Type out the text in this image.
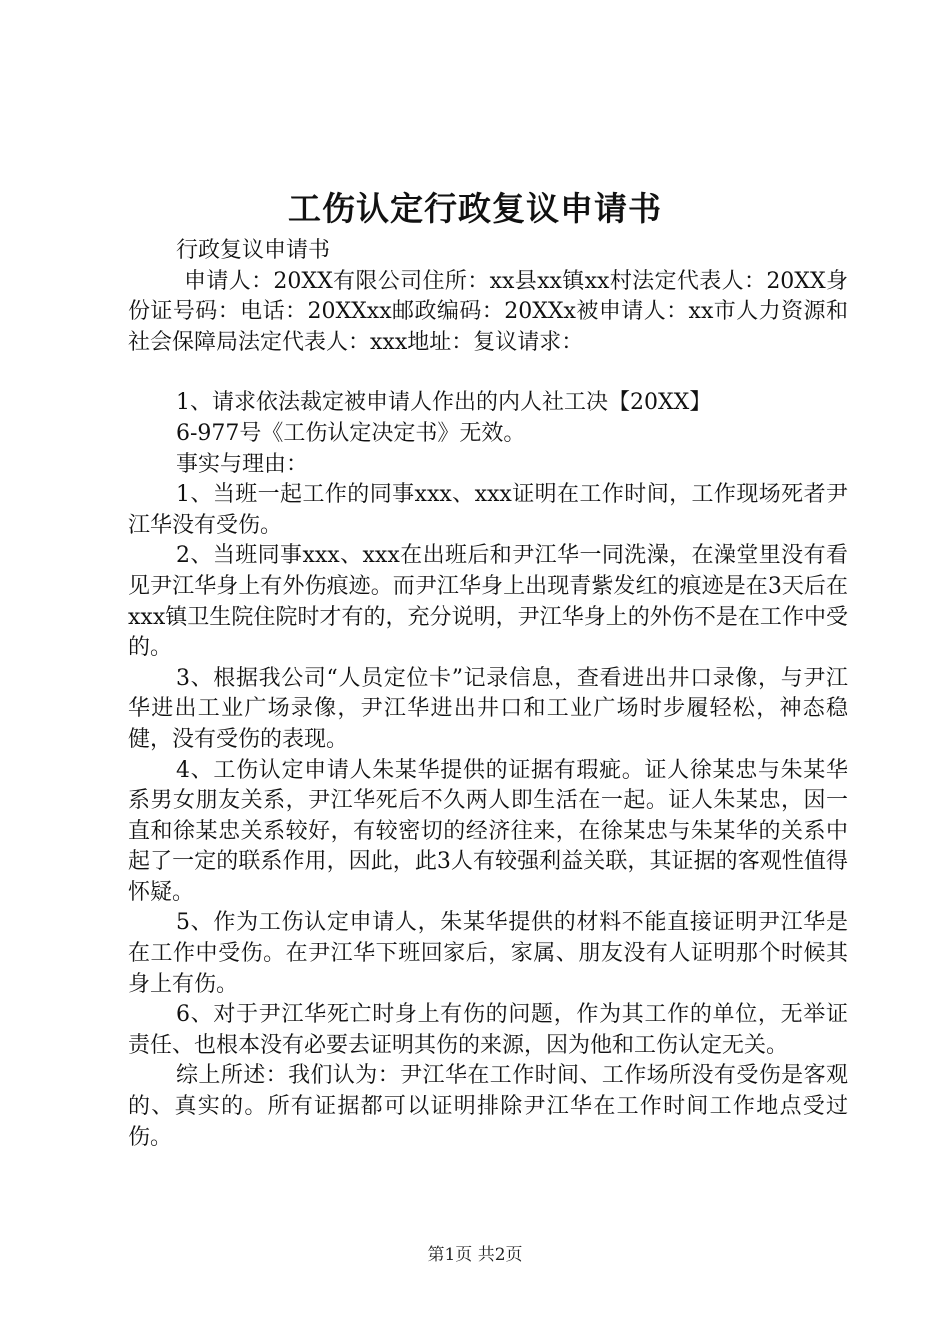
工伤认定行政复议申请书

行政复议申请书

申请人：20XX有限公司住所：xx县xx镇xx村法定代表人：20XX身份证号码：电话：20XXxx邮政编码：20XXx被申请人：xx市人力资源和社会保障局法定代表人：xxx地址：复议请求：

1、请求依法裁定被申请人作出的内人社工决【20XX】

6-977号《工伤认定决定书》无效。

事实与理由：

1、当班一起工作的同事xxx、xxx证明在工作时间，工作现场死者尹江华没有受伤。

2、当班同事xxx、xxx在出班后和尹江华一同洗澡，在澡堂里没有看见尹江华身上有外伤痕迹。而尹江华身上出现青紫发红的痕迹是在3天后在xxx镇卫生院住院时才有的，充分说明，尹江华身上的外伤不是在工作中受的。

3、根据我公司“人员定位卡”记录信息，查看进出井口录像，与尹江华进出工业广场录像，尹江华进出井口和工业广场时步履轻松，神态稳健，没有受伤的表现。

4、工伤认定申请人朱某华提供的证据有瑕疵。证人徐某忠与朱某华系男女朋友关系，尹江华死后不久两人即生活在一起。证人朱某忠，因一直和徐某忠关系较好，有较密切的经济往来，在徐某忠与朱某华的关系中起了一定的联系作用，因此，此3人有较强利益关联，其证据的客观性值得怀疑。

5、作为工伤认定申请人，朱某华提供的材料不能直接证明尹江华是在工作中受伤。在尹江华下班回家后，家属、朋友没有人证明那个时候其身上有伤。

6、对于尹江华死亡时身上有伤的问题，作为其工作的单位，无举证责任、也根本没有必要去证明其伤的来源，因为他和工伤认定无关。

综上所述：我们认为：尹江华在工作时间、工作场所没有受伤是客观的、真实的。所有证据都可以证明排除尹江华在工作时间工作地点受过伤。

第1页 共2页
